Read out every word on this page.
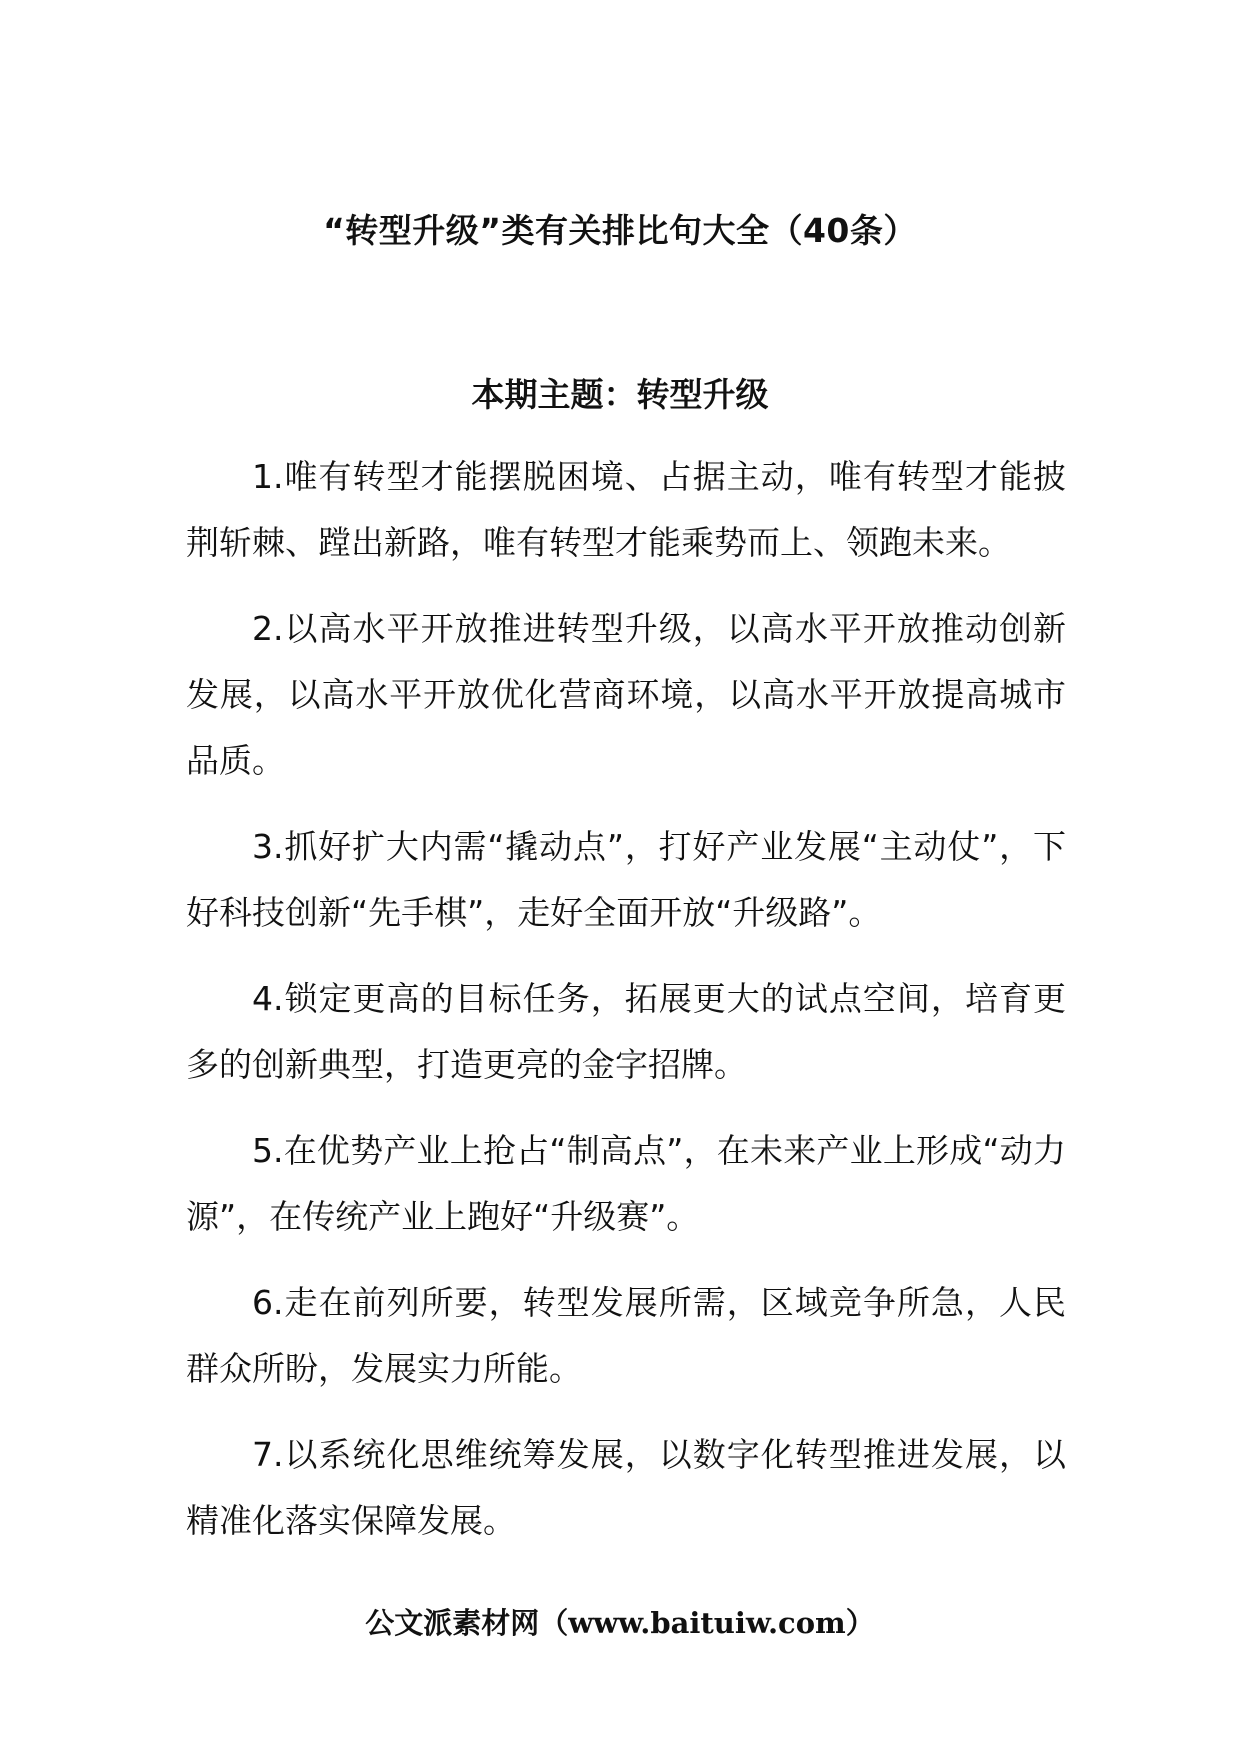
“转型升级”类有关排比句大全（40条）
本期主题：转型升级

1.唯有转型才能摆脱困境、占据主动，唯有转型才能披荆斩棘、蹚出新路，唯有转型才能乘势而上、领跑未来。

2.以高水平开放推进转型升级，以高水平开放推动创新发展，以高水平开放优化营商环境，以高水平开放提高城市品质。

3.抓好扩大内需“撬动点”，打好产业发展“主动仗”，下好科技创新“先手棋”，走好全面开放“升级路”。

4.锁定更高的目标任务，拓展更大的试点空间，培育更多的创新典型，打造更亮的金字招牌。

5.在优势产业上抢占“制高点”，在未来产业上形成“动力源”，在传统产业上跑好“升级赛”。

6.走在前列所要，转型发展所需，区域竞争所急，人民群众所盼，发展实力所能。

7.以系统化思维统筹发展，以数字化转型推进发展，以精准化落实保障发展。

公文派素材网（www.baituiw.com）
